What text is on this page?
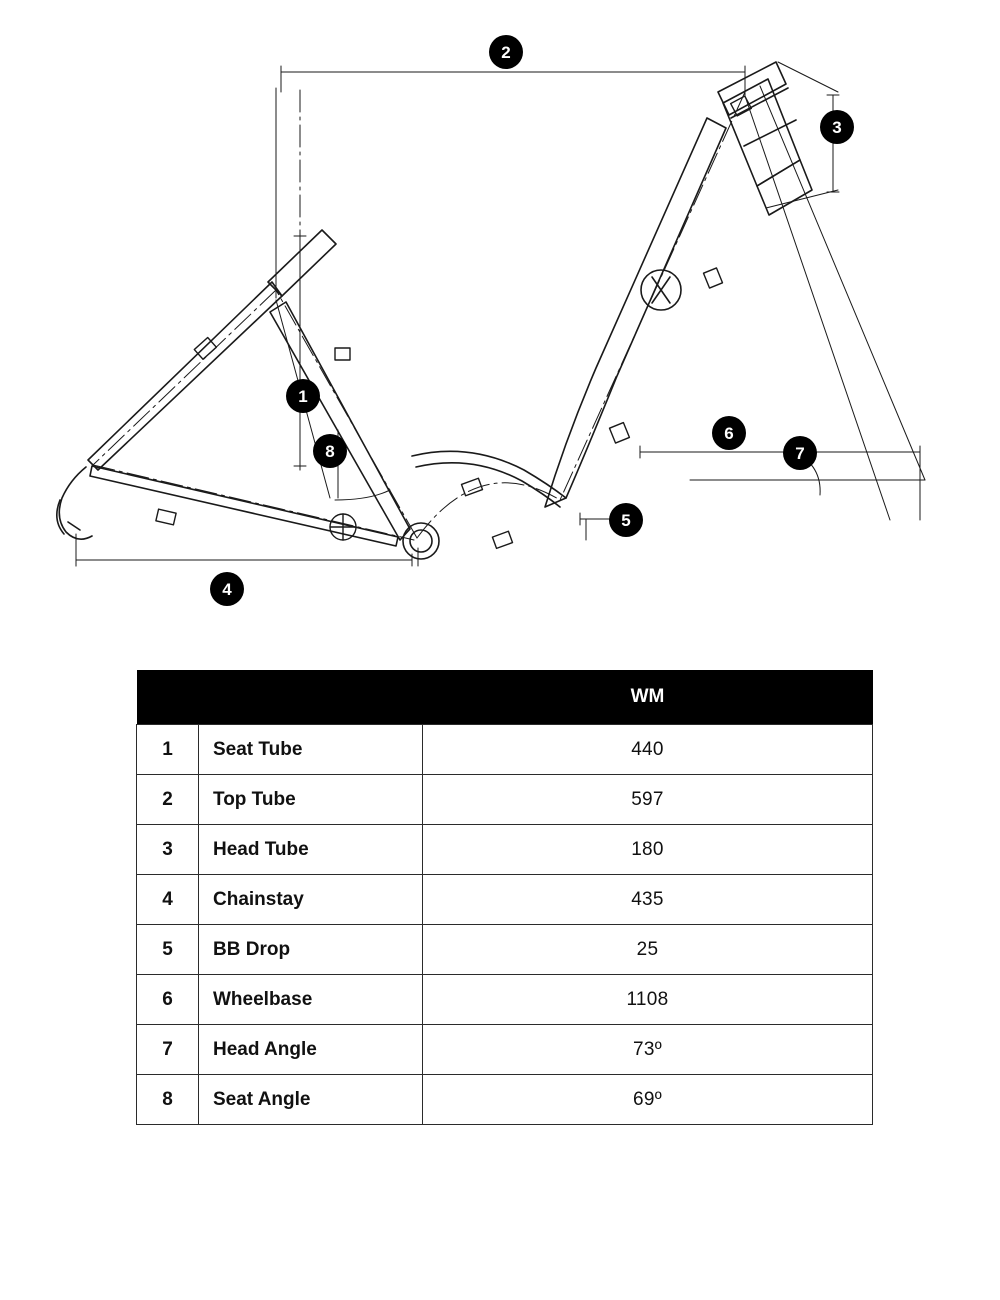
2
3
1
8
6
7
5
4
		WM
1	Seat Tube	440
2	Top Tube	597
3	Head Tube	180
4	Chainstay	435
5	BB Drop	25
6	Wheelbase	1108
7	Head Angle	73º
8	Seat Angle	69º
